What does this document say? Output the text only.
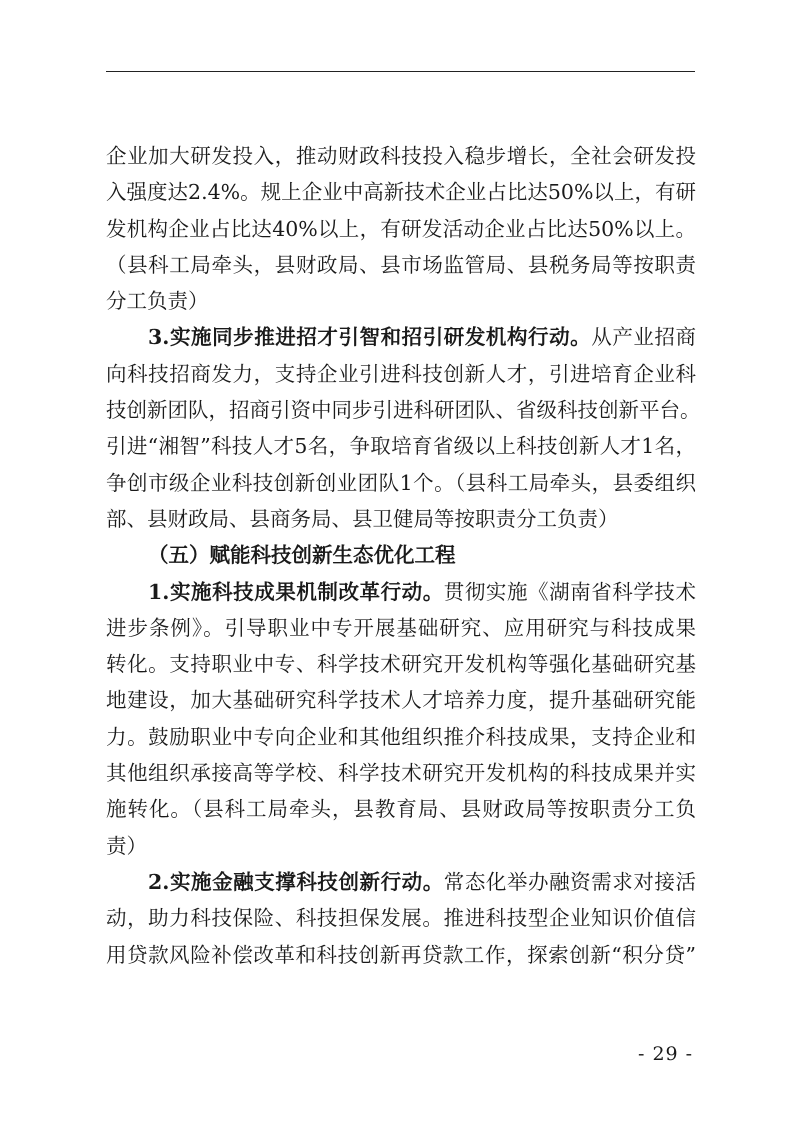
企业加大研发投入，推动财政科技投入稳步增长，全社会研发投
入强度达2.4%。规上企业中高新技术企业占比达50%以上，有研
发机构企业占比达40%以上，有研发活动企业占比达50%以上。
（县科工局牵头，县财政局、县市场监管局、县税务局等按职责
分工负责）
3.实施同步推进招才引智和招引研发机构行动。从产业招商
向科技招商发力，支持企业引进科技创新人才，引进培育企业科
技创新团队，招商引资中同步引进科研团队、省级科技创新平台。
引进“湘智”科技人才5名，争取培育省级以上科技创新人才1名，
争创市级企业科技创新创业团队1个。（县科工局牵头，县委组织
部、县财政局、县商务局、县卫健局等按职责分工负责）
（五）赋能科技创新生态优化工程
1.实施科技成果机制改革行动。贯彻实施《湖南省科学技术
进步条例》。引导职业中专开展基础研究、应用研究与科技成果
转化。支持职业中专、科学技术研究开发机构等强化基础研究基
地建设，加大基础研究科学技术人才培养力度，提升基础研究能
力。鼓励职业中专向企业和其他组织推介科技成果，支持企业和
其他组织承接高等学校、科学技术研究开发机构的科技成果并实
施转化。（县科工局牵头，县教育局、县财政局等按职责分工负
责）
2.实施金融支撑科技创新行动。常态化举办融资需求对接活
动，助力科技保险、科技担保发展。推进科技型企业知识价值信
用贷款风险补偿改革和科技创新再贷款工作，探索创新“积分贷”
- 29 -
